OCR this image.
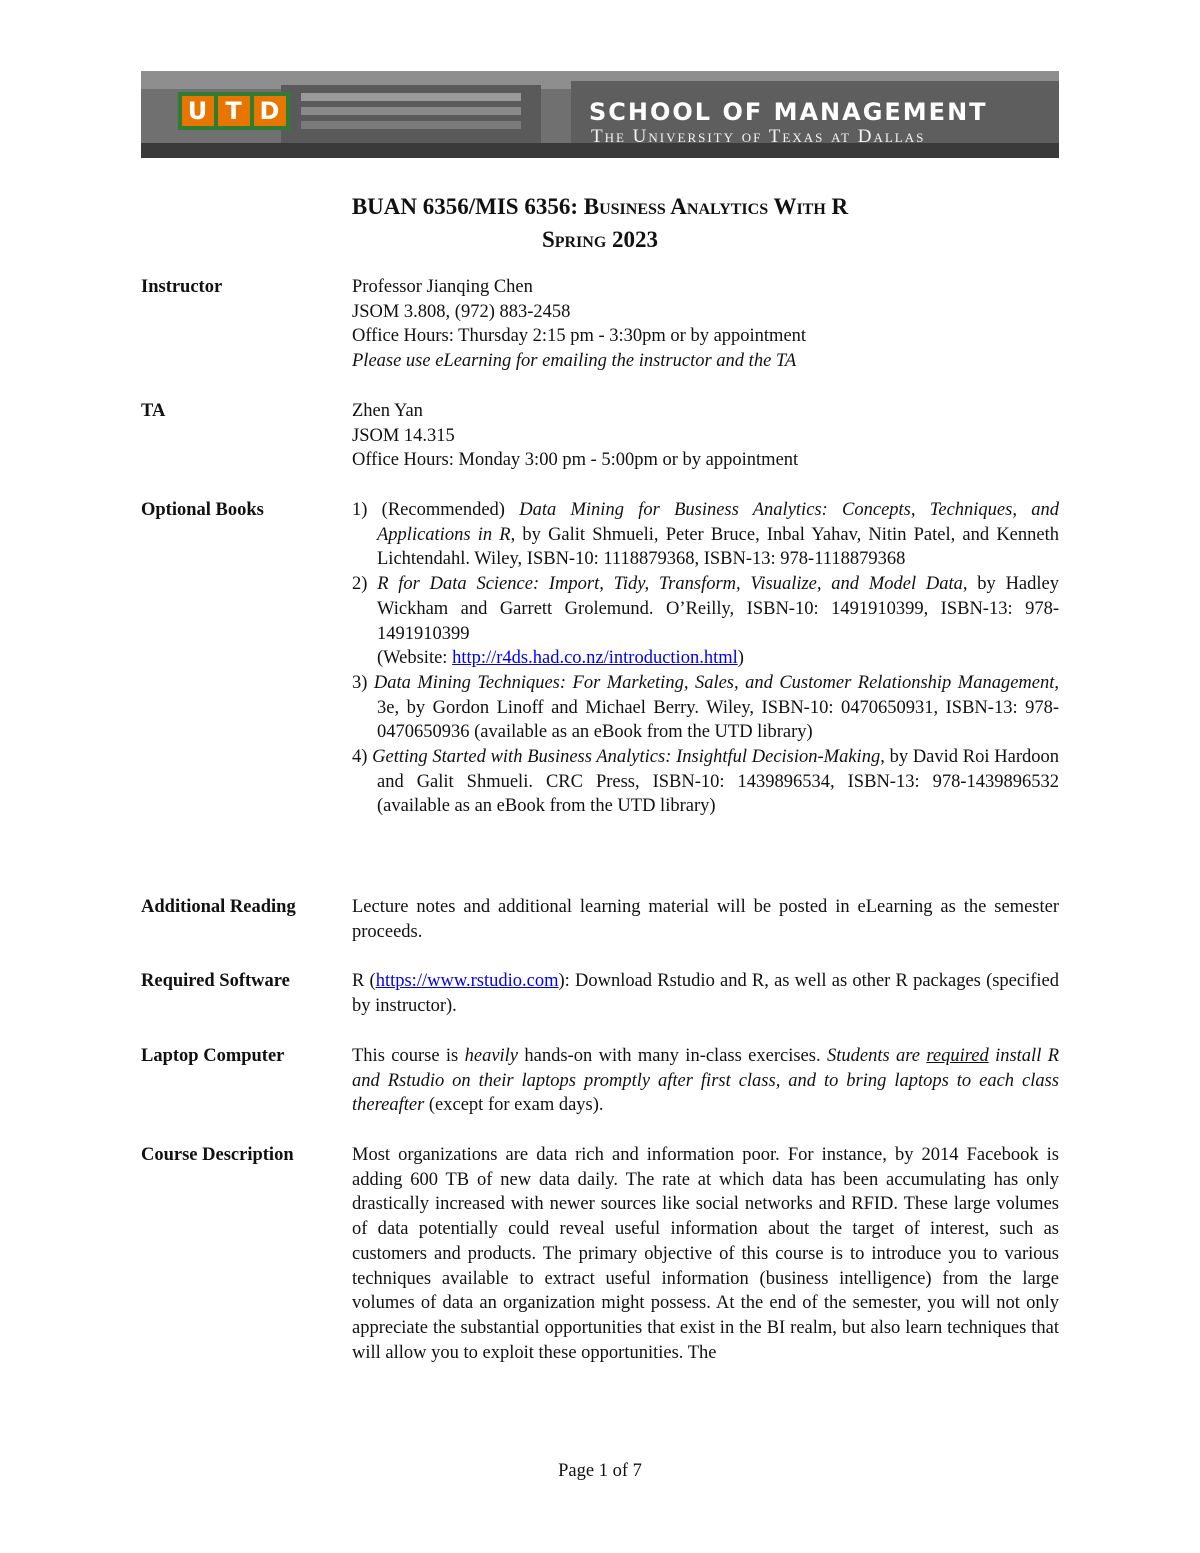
U T D	SCHOOL OF MANAGEMENT
The University of Texas at Dallas
BUAN 6356/MIS 6356: Business Analytics With R
Spring 2023
Instructor	Professor Jianqing Chen

JSOM 3.808, (972) 883-2458

Office Hours: Thursday 2:15 pm - 3:30pm or by appointment

Please use eLearning for emailing the instructor and the TA

TA	Zhen Yan

JSOM 14.315

Office Hours: Monday 3:00 pm - 5:00pm or by appointment

Optional Books	1) (Recommended) Data Mining for Business Analytics: Concepts, Techniques, and Applications in R, by Galit Shmueli, Peter Bruce, Inbal Yahav, Nitin Patel, and Kenneth Lichtendahl. Wiley, ISBN-10: 1118879368, ISBN-13: 978-1118879368

2) R for Data Science: Import, Tidy, Transform, Visualize, and Model Data, by Hadley Wickham and Garrett Grolemund. O’Reilly, ISBN-10: 1491910399, ISBN-13: 978-1491910399
(Website: http://r4ds.had.co.nz/introduction.html)

3) Data Mining Techniques: For Marketing, Sales, and Customer Relationship Management, 3e, by Gordon Linoff and Michael Berry. Wiley, ISBN-10: 0470650931, ISBN-13: 978-0470650936 (available as an eBook from the UTD library)

4) Getting Started with Business Analytics: Insightful Decision-Making, by David Roi Hardoon and Galit Shmueli. CRC Press, ISBN-10: 1439896534, ISBN-13: 978-1439896532 (available as an eBook from the UTD library)

Additional Reading	Lecture notes and additional learning material will be posted in eLearning as the semester proceeds.
Required Software	R (https://www.rstudio.com): Download Rstudio and R, as well as other R packages (specified by instructor).
Laptop Computer	This course is heavily hands-on with many in-class exercises. Students are required install R and Rstudio on their laptops promptly after first class, and to bring laptops to each class thereafter (except for exam days).
Course Description	Most organizations are data rich and information poor. For instance, by 2014 Facebook is adding 600 TB of new data daily. The rate at which data has been accumulating has only drastically increased with newer sources like social networks and RFID. These large volumes of data potentially could reveal useful information about the target of interest, such as customers and products. The primary objective of this course is to introduce you to various techniques available to extract useful information (business intelligence) from the large volumes of data an organization might possess. At the end of the semester, you will not only appreciate the substantial opportunities that exist in the BI realm, but also learn techniques that will allow you to exploit these opportunities. The
Page 1 of 7
